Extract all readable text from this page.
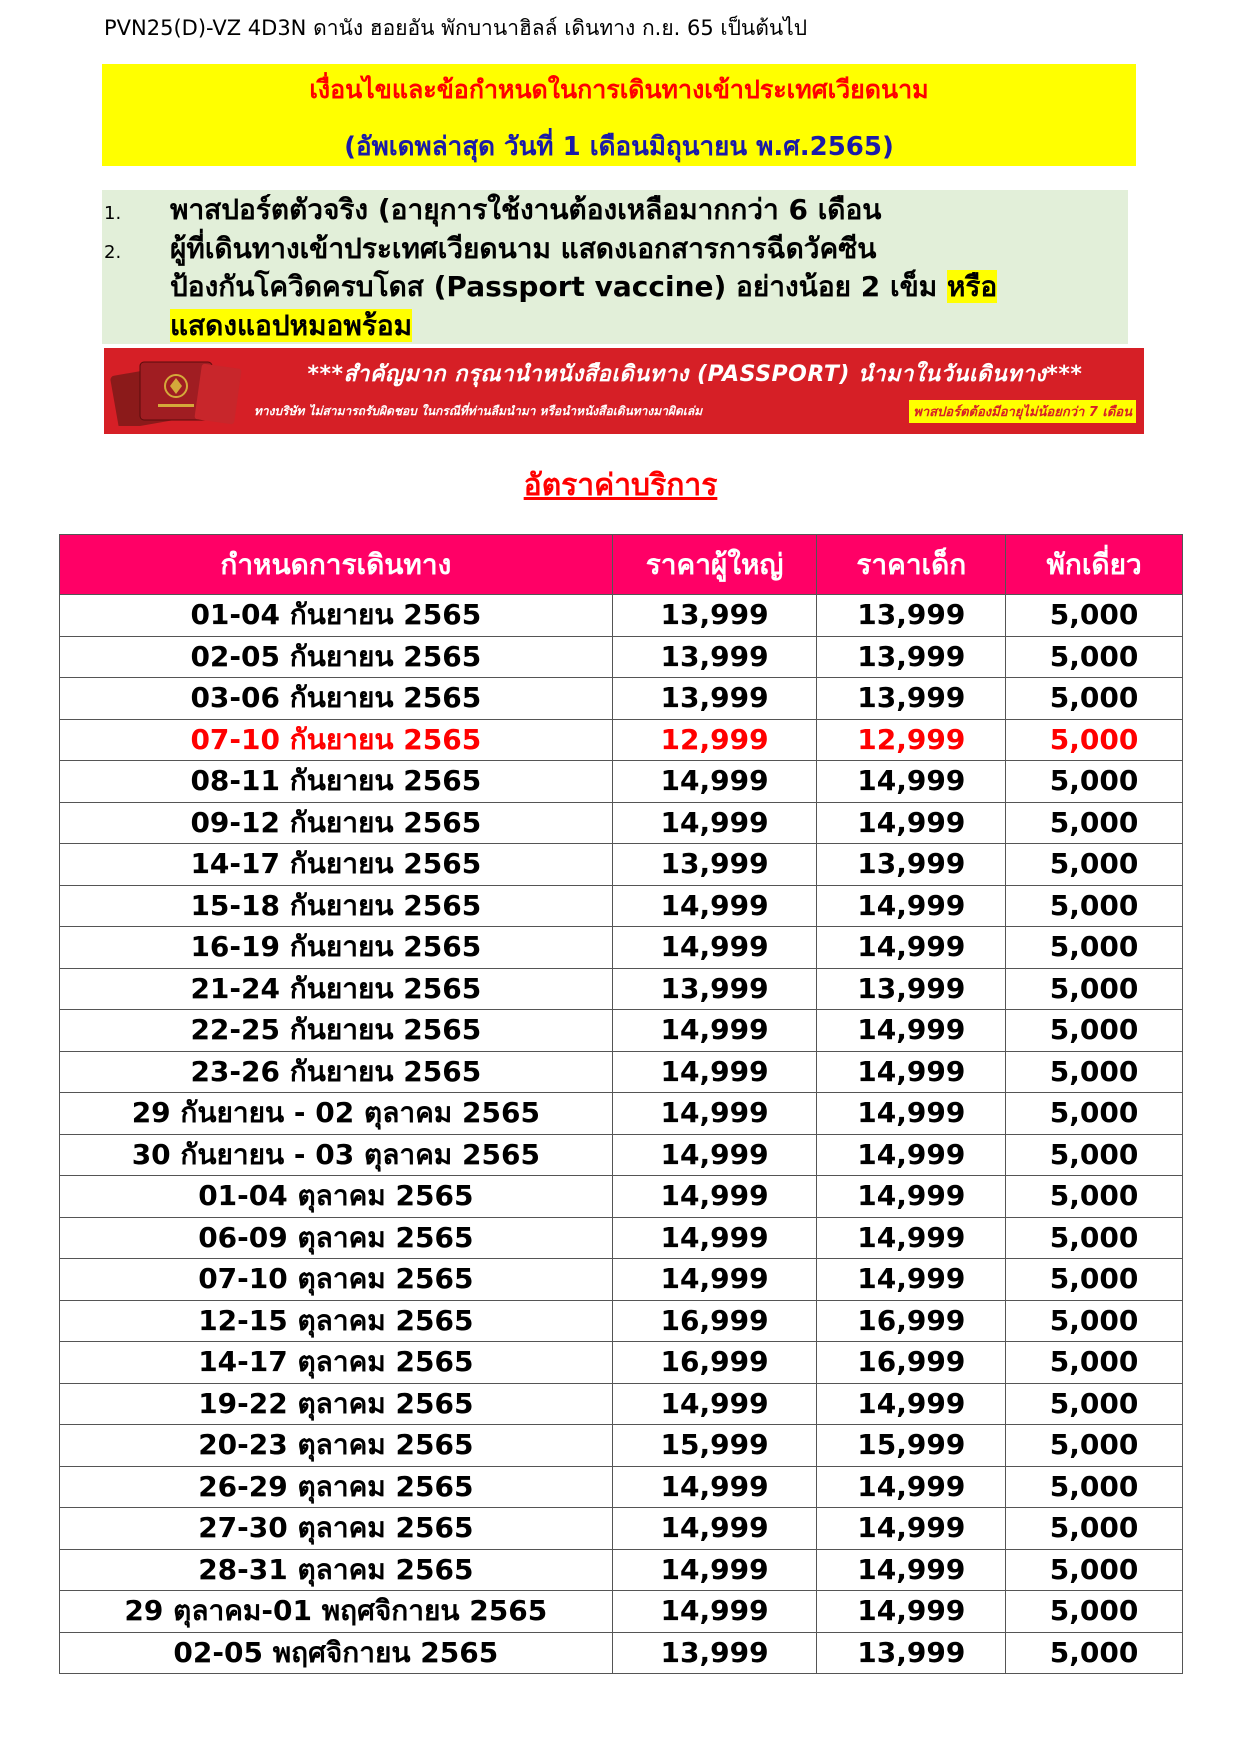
PVN25(D)-VZ 4D3N ดานัง ฮอยอัน พักบานาฮิลล์ เดินทาง ก.ย. 65 เป็นต้นไป
เงื่อนไขและข้อกำหนดในการเดินทางเข้าประเทศเวียดนาม
(อัพเดพล่าสุด วันที่ 1 เดือนมิถุนายน พ.ศ.2565)
1. พาสปอร์ตตัวจริง (อายุการใช้งานต้องเหลือมากกว่า 6 เดือน
2. ผู้ที่เดินทางเข้าประเทศเวียดนาม แสดงเอกสารการฉีดวัคซีน
ป้องกันโควิดครบโดส (Passport vaccine) อย่างน้อย 2 เข็ม หรือ
แสดงแอปหมอพร้อม
***สำคัญมาก กรุณานำหนังสือเดินทาง (PASSPORT) นำมาในวันเดินทาง***
ทางบริษัท ไม่สามารถรับผิดชอบ ในกรณีที่ท่านลืมนำมา หรือนำหนังสือเดินทางมาผิดเล่ม	พาสปอร์ตต้องมีอายุไม่น้อยกว่า 7 เดือน
อัตราค่าบริการ
กำหนดการเดินทาง	ราคาผู้ใหญ่	ราคาเด็ก	พักเดี่ยว
01-04 กันยายน 2565	13,999	13,999	5,000
02-05 กันยายน 2565	13,999	13,999	5,000
03-06 กันยายน 2565	13,999	13,999	5,000
07-10 กันยายน 2565	12,999	12,999	5,000
08-11 กันยายน 2565	14,999	14,999	5,000
09-12 กันยายน 2565	14,999	14,999	5,000
14-17 กันยายน 2565	13,999	13,999	5,000
15-18 กันยายน 2565	14,999	14,999	5,000
16-19 กันยายน 2565	14,999	14,999	5,000
21-24 กันยายน 2565	13,999	13,999	5,000
22-25 กันยายน 2565	14,999	14,999	5,000
23-26 กันยายน 2565	14,999	14,999	5,000
29 กันยายน - 02 ตุลาคม 2565	14,999	14,999	5,000
30 กันยายน - 03 ตุลาคม 2565	14,999	14,999	5,000
01-04 ตุลาคม 2565	14,999	14,999	5,000
06-09 ตุลาคม 2565	14,999	14,999	5,000
07-10 ตุลาคม 2565	14,999	14,999	5,000
12-15 ตุลาคม 2565	16,999	16,999	5,000
14-17 ตุลาคม 2565	16,999	16,999	5,000
19-22 ตุลาคม 2565	14,999	14,999	5,000
20-23 ตุลาคม 2565	15,999	15,999	5,000
26-29 ตุลาคม 2565	14,999	14,999	5,000
27-30 ตุลาคม 2565	14,999	14,999	5,000
28-31 ตุลาคม 2565	14,999	14,999	5,000
29 ตุลาคม-01 พฤศจิกายน 2565	14,999	14,999	5,000
02-05 พฤศจิกายน 2565	13,999	13,999	5,000
